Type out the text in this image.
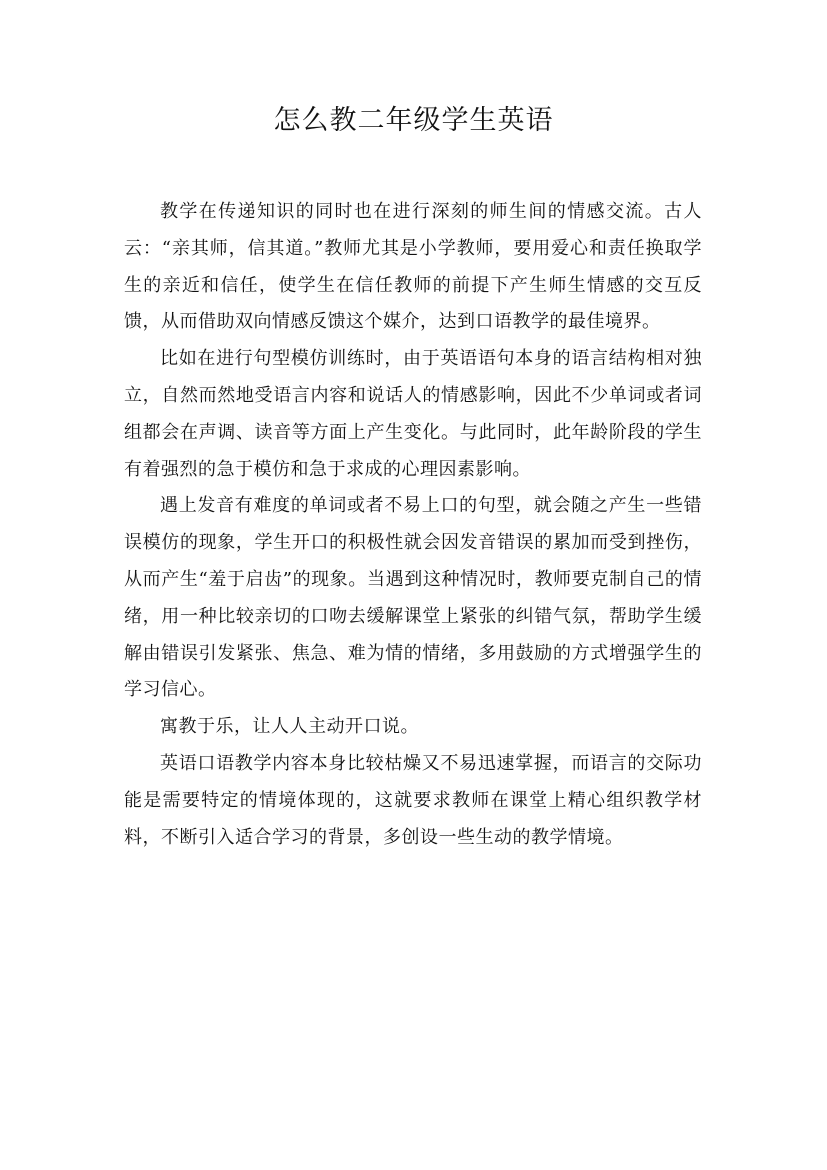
怎么教二年级学生英语

教学在传递知识的同时也在进行深刻的师生间的情感交流。古人云：“亲其师，信其道。”教师尤其是小学教师，要用爱心和责任换取学生的亲近和信任，使学生在信任教师的前提下产生师生情感的交互反馈，从而借助双向情感反馈这个媒介，达到口语教学的最佳境界。

比如在进行句型模仿训练时，由于英语语句本身的语言结构相对独立，自然而然地受语言内容和说话人的情感影响，因此不少单词或者词组都会在声调、读音等方面上产生变化。与此同时，此年龄阶段的学生有着强烈的急于模仿和急于求成的心理因素影响。

遇上发音有难度的单词或者不易上口的句型，就会随之产生一些错误模仿的现象，学生开口的积极性就会因发音错误的累加而受到挫伤，从而产生“羞于启齿”的现象。当遇到这种情况时，教师要克制自己的情绪，用一种比较亲切的口吻去缓解课堂上紧张的纠错气氛，帮助学生缓解由错误引发紧张、焦急、难为情的情绪，多用鼓励的方式增强学生的学习信心。

寓教于乐，让人人主动开口说。

英语口语教学内容本身比较枯燥又不易迅速掌握，而语言的交际功能是需要特定的情境体现的，这就要求教师在课堂上精心组织教学材料，不断引入适合学习的背景，多创设一些生动的教学情境。
